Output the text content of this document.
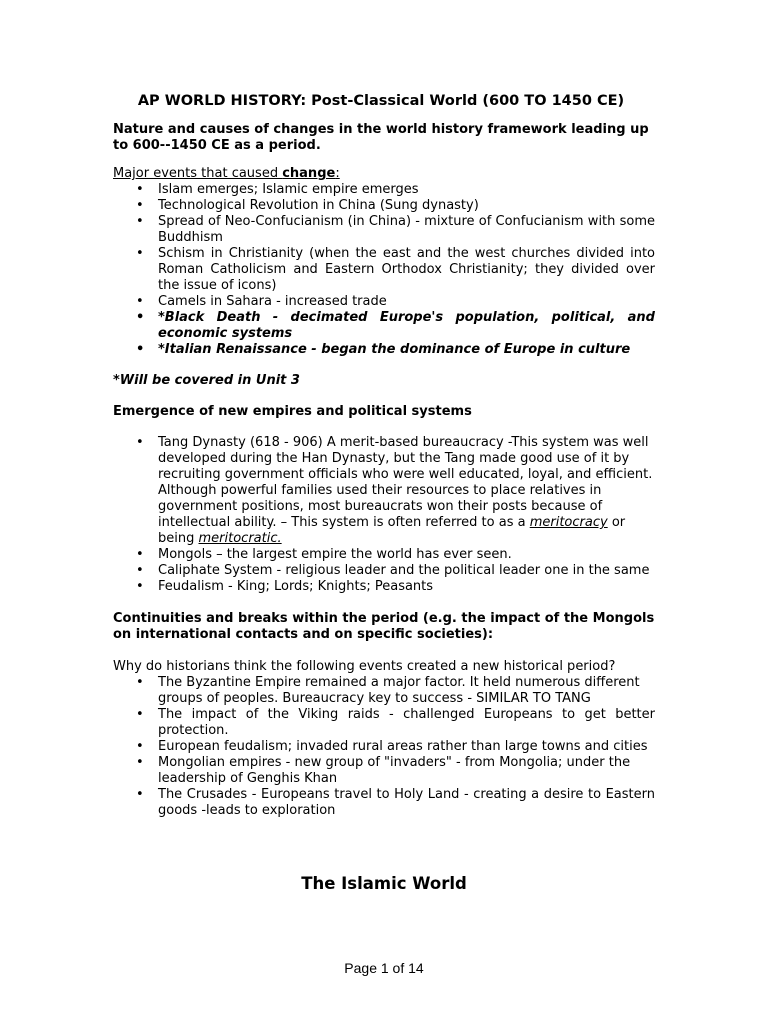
AP WORLD HISTORY: Post-Classical World (600 TO 1450 CE)

Nature and causes of changes in the world history framework leading up to 600--1450 CE as a period.

Major events that caused change:

• Islam emerges; Islamic empire emerges
• Technological Revolution in China (Sung dynasty)
• Spread of Neo-Confucianism (in China) - mixture of Confucianism with some Buddhism
• Schism in Christianity (when the east and the west churches divided into Roman Catholicism and Eastern Orthodox Christianity; they divided over the issue of icons)
• Camels in Sahara - increased trade
• *Black Death - decimated Europe's population, political, and economic systems
• *Italian Renaissance - began the dominance of Europe in culture

*Will be covered in Unit 3

Emergence of new empires and political systems

• Tang Dynasty (618 - 906) A merit-based bureaucracy -This system was well developed during the Han Dynasty, but the Tang made good use of it by recruiting government officials who were well educated, loyal, and efficient. Although powerful families used their resources to place relatives in government positions, most bureaucrats won their posts because of intellectual ability. – This system is often referred to as a meritocracy or being meritocratic.
• Mongols – the largest empire the world has ever seen.
• Caliphate System - religious leader and the political leader one in the same
• Feudalism - King; Lords; Knights; Peasants

Continuities and breaks within the period (e.g. the impact of the Mongols on international contacts and on specific societies):

Why do historians think the following events created a new historical period?

• The Byzantine Empire remained a major factor. It held numerous different groups of peoples. Bureaucracy key to success - SIMILAR TO TANG
• The impact of the Viking raids - challenged Europeans to get better protection.
• European feudalism; invaded rural areas rather than large towns and cities
• Mongolian empires - new group of "invaders" - from Mongolia; under the leadership of Genghis Khan
• The Crusades - Europeans travel to Holy Land - creating a desire to Eastern goods -leads to exploration
The Islamic World
Page 1 of 14
